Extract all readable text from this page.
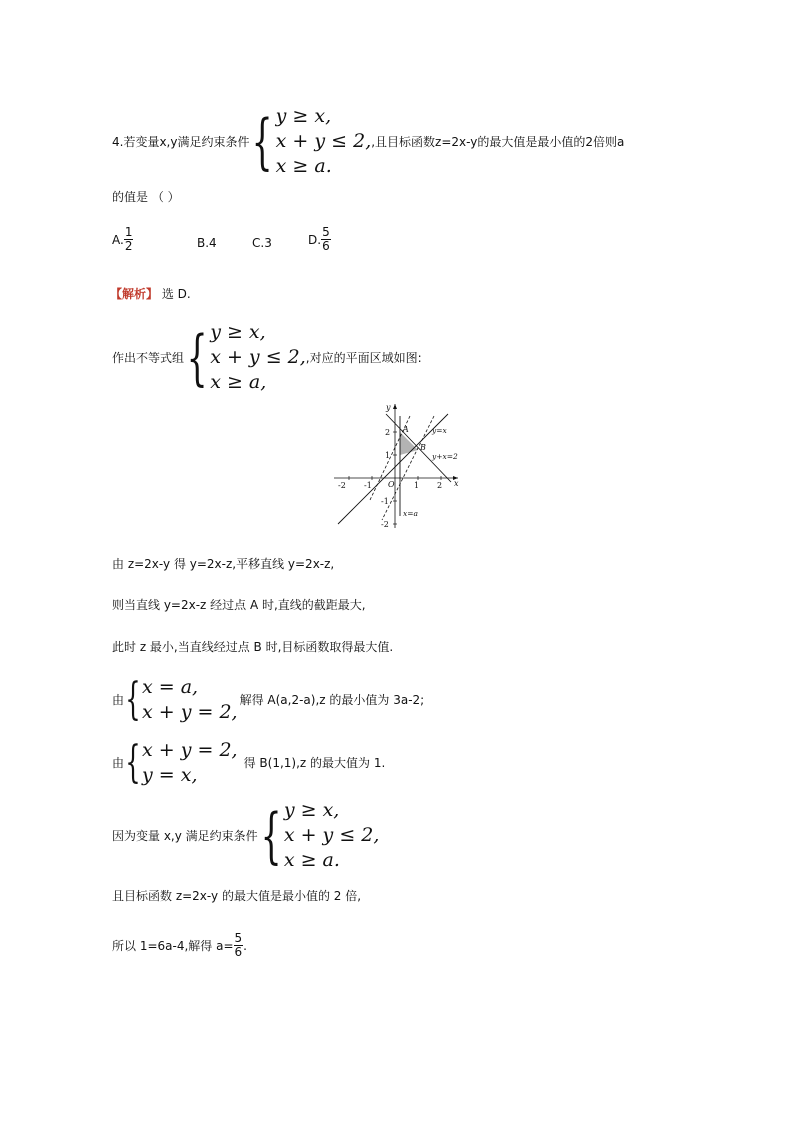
4.若变量x,y满足约束条件 { y ≥ x,
x + y ≤ 2,
x ≥ a.
,且目标函数z=2x-y的最大值是最小值的2倍则a
的值是 （ ）
A. $\frac{1}{2}$	B.4	C.3	D. $\frac{5}{6}$
【解析】 选 D.
作出不等式组 { y ≥ x,
x + y ≤ 2,
x ≥ a,
,对应的平面区域如图:
-2 -1	1 2
2
1
-1
-2
O	x
y
A
B
y=x
y+x=2
x=a
由 z=2x-y 得 y=2x-z,平移直线 y=2x-z,
则当直线 y=2x-z 经过点 A 时,直线的截距最大,
此时 z 最小,当直线经过点 B 时,目标函数取得最大值.
由 { x = a,
x + y = 2,
解得 A(a,2-a),z 的最小值为 3a-2;
由 { x + y = 2,
y = x,
得 B(1,1),z 的最大值为 1.
因为变量 x,y 满足约束条件 { y ≥ x,
x + y ≤ 2,
x ≥ a.
且目标函数 z=2x-y 的最大值是最小值的 2 倍,
所以 1=6a-4,解得 $a= \frac{5}{6}$ .
